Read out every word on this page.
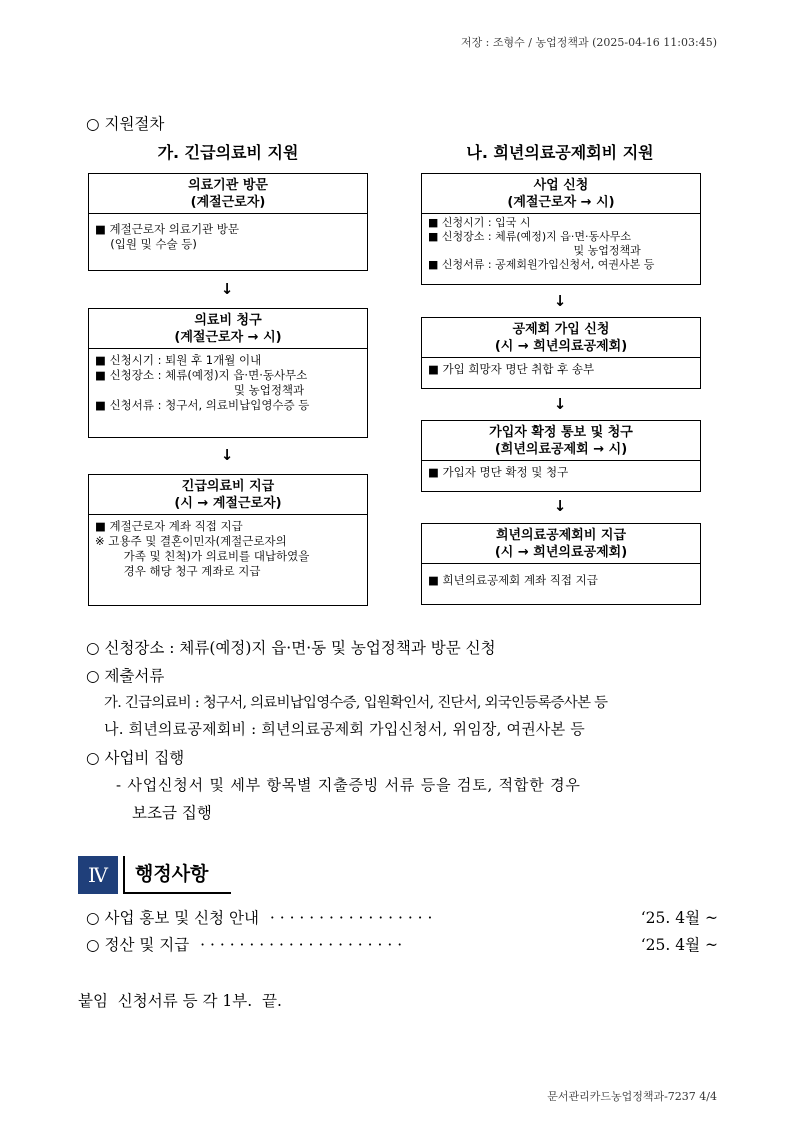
저장 : 조형수 / 농업정책과 (2025-04-16 11:03:45)
○ 지원절차
가. 긴급의료비 지원	나. 희년의료공제회비 지원
의료기관 방문
(계절근로자)
■ 계절근로자 의료기관 방문
(입원 및 수술 등)
↓
의료비 청구
(계절근로자 → 시)
■ 신청시기 : 퇴원 후 1개월 이내
■ 신청장소 : 체류(예정)지 읍·면·동사무소
및 농업정책과
■ 신청서류 : 청구서, 의료비납입영수증 등
↓
긴급의료비 지급
(시 → 계절근로자)
■ 계절근로자 계좌 직접 지급
※ 고용주 및 결혼이민자(계절근로자의
가족 및 친척)가 의료비를 대납하였을
경우 해당 청구 계좌로 지급
사업 신청
(계절근로자 → 시)
■ 신청시기 : 입국 시
■ 신청장소 : 체류(예정)지 읍·면·동사무소
및 농업정책과
■ 신청서류 : 공제회원가입신청서, 여권사본 등
↓
공제회 가입 신청
(시 → 희년의료공제회)
■ 가입 희망자 명단 취합 후 송부
↓
가입자 확정 통보 및 청구
(희년의료공제회 → 시)
■ 가입자 명단 확정 및 청구
↓
희년의료공제회비 지급
(시 → 희년의료공제회)
■ 희년의료공제회 계좌 직접 지급
○ 신청장소 : 체류(예정)지 읍·면·동 및 농업정책과 방문 신청
○ 제출서류
가. 긴급의료비 : 청구서, 의료비납입영수증, 입원확인서, 진단서, 외국인등록증사본 등
나. 희년의료공제회비 : 희년의료공제회 가입신청서, 위임장, 여권사본 등
○ 사업비 집행
- 사업신청서 및 세부 항목별 지출증빙 서류 등을 검토, 적합한 경우
보조금 집행
Ⅳ	행정사항
○ 사업 홍보 및 신청 안내 · · · · · · · · · · · · · · · · ·	‘25. 4월 ~
○ 정산 및 지급 · · · · · · · · · · · · · · · · · · · · ·	‘25. 4월 ~
붙임  신청서류 등 각 1부.  끝.
문서관리카드농업정책과-7237 4/4
